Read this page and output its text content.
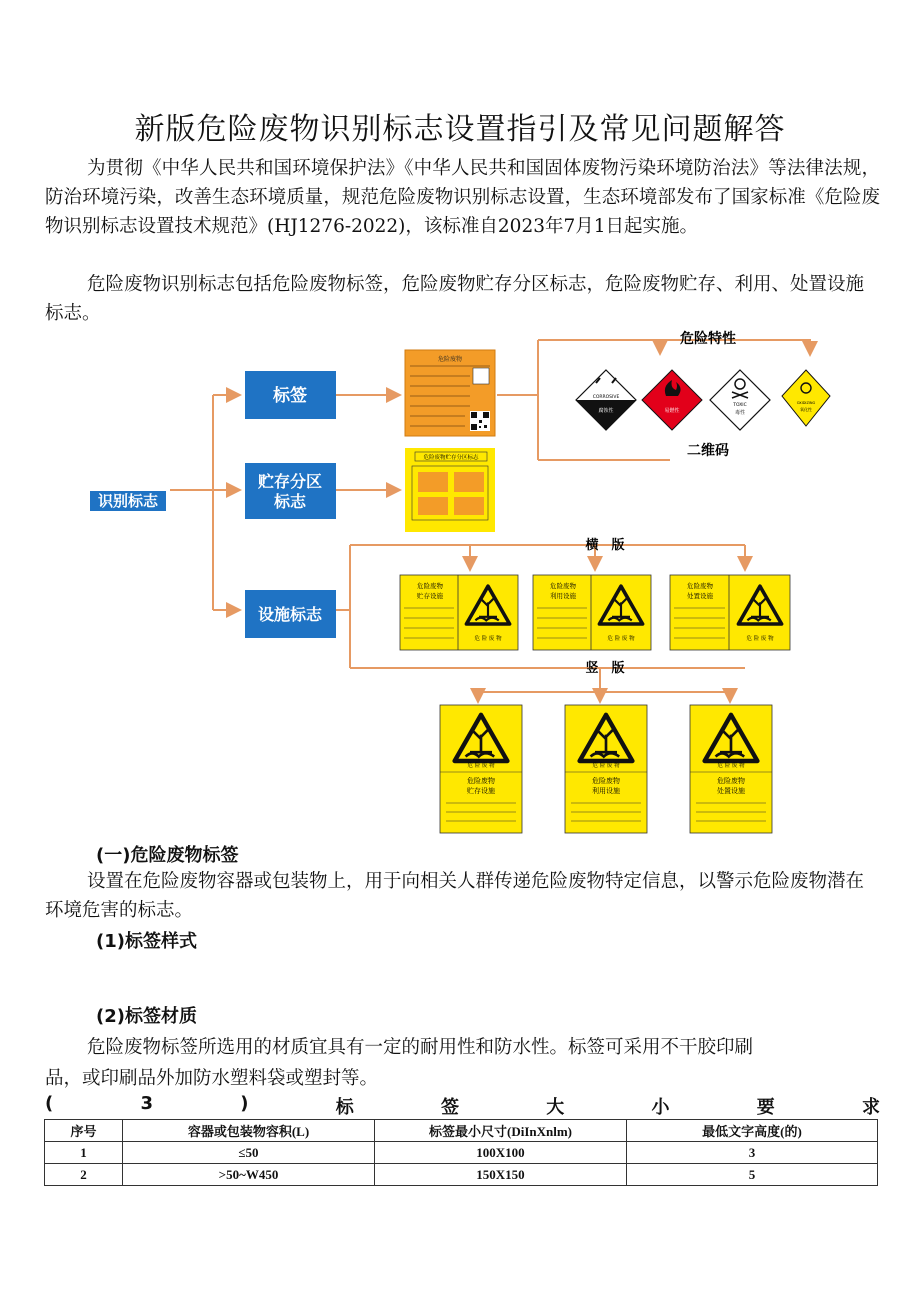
新版危险废物识别标志设置指引及常见问题解答
为贯彻《中华人民共和国环境保护法》《中华人民共和国固体废物污染环境防治法》等法律法规，防治环境污染，改善生态环境质量，规范危险废物识别标志设置，生态环境部发布了国家标准《危险废物识别标志设置技术规范》(HJ1276-2022)，该标准自2023年7月1日起实施。
危险废物识别标志包括危险废物标签，危险废物贮存分区标志，危险废物贮存、利用、处置设施标志。
识别标志
标签
贮存分区
标志
设施标志
危险废物
危险特性
二维码
CORROSIVE
腐蚀性	易燃性
TOXIC
毒性
OXIDIZING
氧化性
危险废物贮存分区标志
横　版
竖　版
危险废物
贮存设施
危 险 废 物
危险废物
利用设施
危 险 废 物
危险废物
处置设施
危 险 废 物
危 险 废 物
危险废物
贮存设施
危 险 废 物
危险废物
利用设施
危 险 废 物
危险废物
处置设施
(一)危险废物标签
设置在危险废物容器或包装物上，用于向相关人群传递危险废物特定信息，以警示危险废物潜在环境危害的标志。
(1)标签样式
(2)标签材质
危险废物标签所选用的材质宜具有一定的耐用性和防水性。标签可采用不干胶印刷
品，或印刷品外加防水塑料袋或塑封等。
(	3	)	标	签	大	小	要	求
序号	容器或包装物容积(L)	标签最小尺寸(DiInXnlm)	最低文字高度(的)
1	≤50	100X100	3
2	>50~W450	150X150	5
